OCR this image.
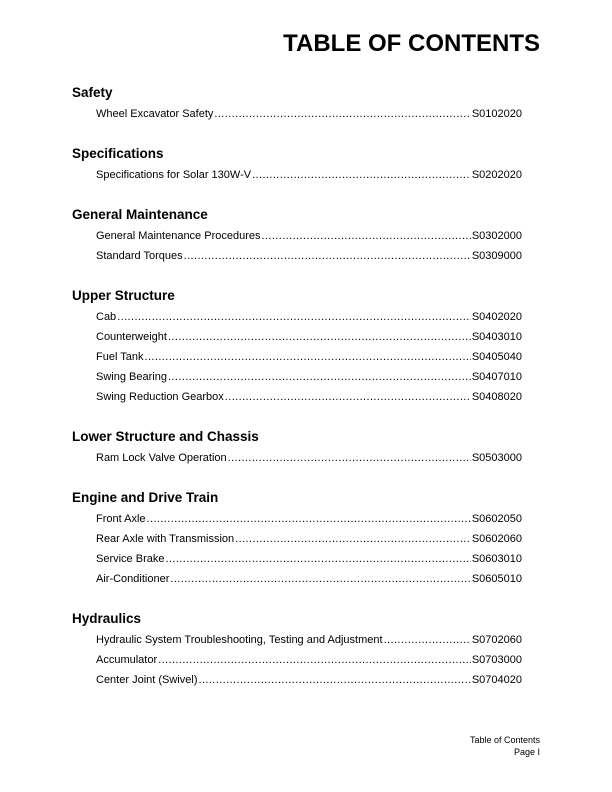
TABLE OF CONTENTS
Safety
Wheel Excavator Safety .....	S0102020
Specifications
Specifications for Solar 130W-V .....	S0202020
General Maintenance
General Maintenance Procedures .....	S0302000
Standard Torques .....	S0309000
Upper Structure
Cab .....	S0402020
Counterweight .....	S0403010
Fuel Tank .....	S0405040
Swing Bearing .....	S0407010
Swing Reduction Gearbox .....	S0408020
Lower Structure and Chassis
Ram Lock Valve Operation .....	S0503000
Engine and Drive Train
Front Axle .....	S0602050
Rear Axle with Transmission .....	S0602060
Service Brake .....	S0603010
Air-Conditioner .....	S0605010
Hydraulics
Hydraulic System Troubleshooting, Testing and Adjustment .....	S0702060
Accumulator .....	S0703000
Center Joint (Swivel) .....	S0704020
Table of Contents
Page I
